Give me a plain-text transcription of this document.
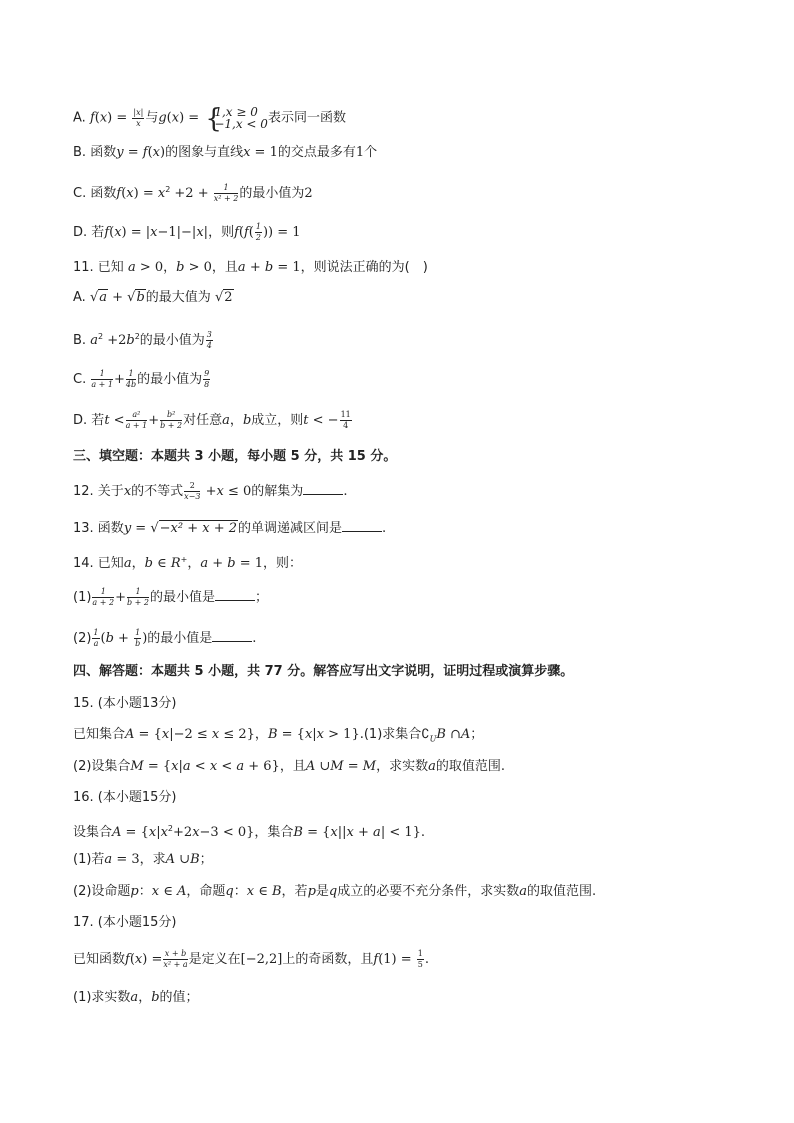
A. $f(x) = \frac{|x|}{x}$ 与g(x) = {
1,x ≥ 0
−1,x < 0 表示同一函数
B. 函数y = f(x)的图象与直线x = 1的交点最多有1个
C. 函数$f(x) = x^2 +2 + \frac{1}{\text{x² + 2}}$ 的最小值为2
D. 若f(x) = |x−1|−|x|，则$f(f( \frac{1}{2}$ )) = 1
11. 已知 a > 0，b > 0，且a + b = 1，则说法正确的为(　)
A. √a + √b的最大值为 √2
B. $a^2 +2b^2$的最小值为 $\frac{3}{4}$
C. $\frac{1}{a + 1} + \frac{1}{4b}$ 的最小值为 $\frac{9}{8}$
D. 若$t < \frac{\text{a²}}{a + 1} + \frac{\text{b²}}{b + 2}$ 对任意a，b成立，则t < − $\frac{11}{4}$
三、填空题：本题共 3 小题，每小题 5 分，共 15 分。
12. 关于x的不等式 $\frac{2}{x-3} +x \le 0$的解集为	.
13. 函数y = √−x² + x + 2的单调递减区间是	.
14. 已知a，b ∈ R+，a + b = 1，则：
$(1) \frac{1}{a + 2} + \frac{1}{b + 2}$ 的最小值是	；
$(2) \frac{1}{a} (b + \frac{1}{b}$ )的最小值是	.
四、解答题：本题共 5 小题，共 77 分。解答应写出文字说明，证明过程或演算步骤。
15. (本小题13分)
已知集合A = {x|−2 ≤ x ≤ 2}，B = {x|x > 1}.(1)求集合$∁_UB$ ∩A；
(2)设集合M = {x|a < x < a + 6}，且A ∪M = M，求实数a的取值范围.
16. (本小题15分)
设集合$A = \{x|x^2+2x-3 < 0\}$，集合B = {x||x + a| < 1}.
(1)若a = 3，求A ∪B；
(2)设命题p：x ∈ A，命题q：x ∈ B，若p是q成立的必要不充分条件，求实数a的取值范围.
17. (本小题15分)
已知函数$f(x) = \frac{x + b}{\text{x² + a}}$ 是定义在[−2,2]上的奇函数，且$f(1) = \frac{1}{5}$ .
(1)求实数a，b的值；
